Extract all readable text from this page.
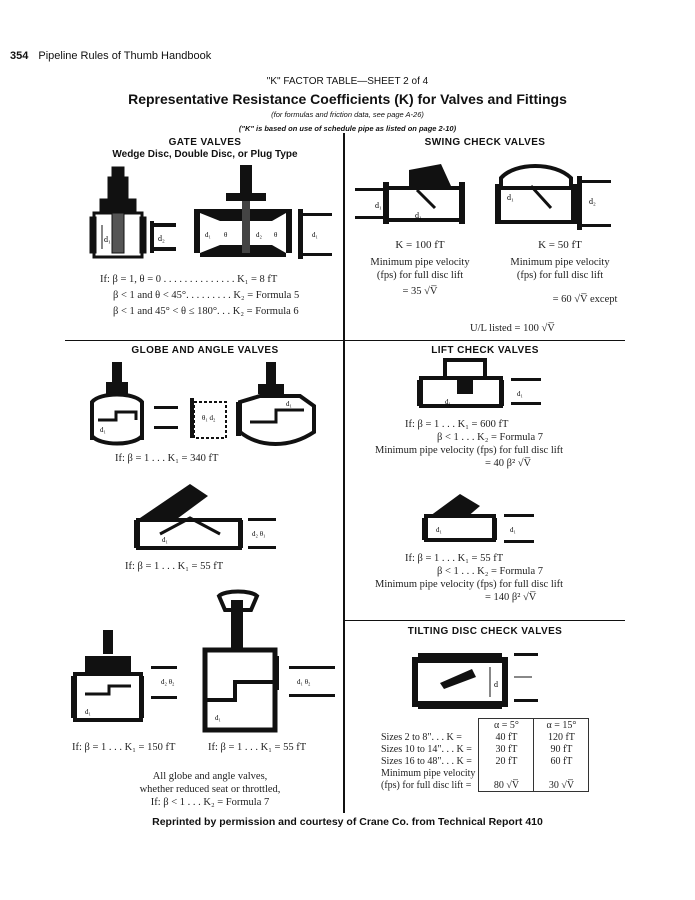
354 Pipeline Rules of Thumb Handbook
"K" FACTOR TABLE—SHEET 2 of 4
Representative Resistance Coefficients (K) for Valves and Fittings
(for formulas and friction data, see page A-26)
("K" is based on use of schedule pipe as listed on page 2-10)
GATE VALVES
Wedge Disc, Double Disc, or Plug Type
d₁	d₂	d₁ θ	d₂ θ	d₁
If: β = 1, θ = 0 . . . . . . . . . . . . . . K₁ = 8 fT
β < 1 and θ < 45°. . . . . . . . . K₂ = Formula 5
β < 1 and 45° < θ ≤ 180°. . . K₂ = Formula 6
SWING CHECK VALVES
d₁
d₁
d₁	d₂
K = 100 fT	K = 50 fT
Minimum pipe velocity
(fps) for full disc lift
= 35 √V̅
Minimum pipe velocity
(fps) for full disc lift
= 60 √V̅ except
U/L listed = 100 √V̅
GLOBE AND ANGLE VALVES
d₁
θ₁ d₂
d₁
If: β = 1 . . . K₁ = 340 fT
d₁
d₂ θ₁
If: β = 1 . . . K₁ = 55 fT
d₁
d₂ θ₂
d₁
d₁ θ₂
If: β = 1 . . . K₁ = 150 fT	If: β = 1 . . . K₁ = 55 fT
All globe and angle valves,
whether reduced seat or throttled,
If: β < 1 . . . K₂ = Formula 7
LIFT CHECK VALVES
d₁
d₁
If: β = 1 . . . K₁ = 600 fT
β < 1 . . . K₂ = Formula 7
Minimum pipe velocity (fps) for full disc lift
= 40 β² √V̅
d₁	d₁
If: β = 1 . . . K₁ = 55 fT
β < 1 . . . K₂ = Formula 7
Minimum pipe velocity (fps) for full disc lift
= 140 β² √V̅
TILTING DISC CHECK VALVES
d
	α = 5°	α = 15°
Sizes 2 to 8". . . K =	40 fT	120 fT
Sizes 10 to 14". . . K =	30 fT	90 fT
Sizes 16 to 48". . . K =	20 fT	60 fT
Minimum pipe velocity		
(fps) for full disc lift =	80 √V̅	30 √V̅
Reprinted by permission and courtesy of Crane Co. from Technical Report 410
